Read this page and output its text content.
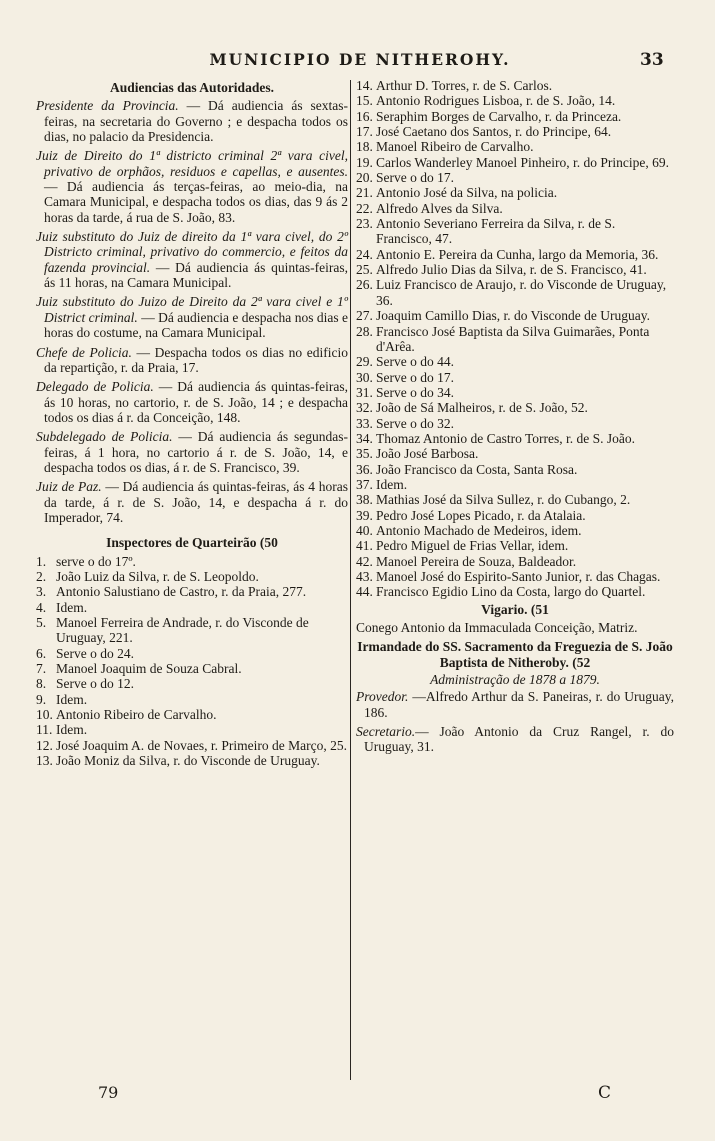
MUNICIPIO DE NITHEROHY.	33
Audiencias das Autoridades.
Presidente da Provincia. — Dá audiencia ás sextas-feiras, na secretaria do Governo ; e despacha todos os dias, no palacio da Presidencia.
Juiz de Direito do 1ª districto criminal 2ª vara civel, privativo de orphãos, residuos e capellas, e ausentes. — Dá audiencia ás terças-feiras, ao meio-dia, na Camara Municipal, e despacha todos os dias, das 9 ás 2 horas da tarde, á rua de S. João, 83.
Juiz substituto do Juiz de direito da 1ª vara civel, do 2º Districto criminal, privativo do commercio, e feitos da fazenda provincial. — Dá audiencia ás quintas-feiras, ás 11 horas, na Camara Municipal.
Juiz substituto do Juizo de Direito da 2ª vara civel e 1º District criminal. — Dá audiencia e despacha nos dias e horas do costume, na Camara Municipal.
Chefe de Policia. — Despacha todos os dias no edificio da repartição, r. da Praia, 17.
Delegado de Policia. — Dá audiencia ás quintas-feiras, ás 10 horas, no cartorio, r. de S. João, 14 ; e despacha todos os dias á r. da Conceição, 148.
Subdelegado de Policia. — Dá audiencia ás segundas-feiras, á 1 hora, no cartorio á r. de S. João, 14, e despacha todos os dias, á r. de S. Francisco, 39.
Juiz de Paz. — Dá audiencia ás quintas-feiras, ás 4 horas da tarde, á r. de S. João, 14, e despacha á r. do Imperador, 74.
Inspectores de Quarteirão (50
1. serve o do 17º.
2. João Luiz da Silva, r. de S. Leopoldo.
3. Antonio Salustiano de Castro, r. da Praia, 277.
4. Idem.
5. Manoel Ferreira de Andrade, r. do Visconde de Uruguay, 221.
6. Serve o do 24.
7. Manoel Joaquim de Souza Cabral.
8. Serve o do 12.
9. Idem.
10. Antonio Ribeiro de Carvalho.
11. Idem.
12. José Joaquim A. de Novaes, r. Primeiro de Março, 25.
13. João Moniz da Silva, r. do Visconde de Uruguay.
14. Arthur D. Torres, r. de S. Carlos.
15. Antonio Rodrigues Lisboa, r. de S. João, 14.
16. Seraphim Borges de Carvalho, r. da Princeza.
17. José Caetano dos Santos, r. do Principe, 64.
18. Manoel Ribeiro de Carvalho.
19. Carlos Wanderley Manoel Pinheiro, r. do Principe, 69.
20. Serve o do 17.
21. Antonio José da Silva, na policia.
22. Alfredo Alves da Silva.
23. Antonio Severiano Ferreira da Silva, r. de S. Francisco, 47.
24. Antonio E. Pereira da Cunha, largo da Memoria, 36.
25. Alfredo Julio Dias da Silva, r. de S. Francisco, 41.
26. Luiz Francisco de Araujo, r. do Visconde de Uruguay, 36.
27. Joaquim Camillo Dias, r. do Visconde de Uruguay.
28. Francisco José Baptista da Silva Guimarães, Ponta d'Arêa.
29. Serve o do 44.
30. Serve o do 17.
31. Serve o do 34.
32. João de Sá Malheiros, r. de S. João, 52.
33. Serve o do 32.
34. Thomaz Antonio de Castro Torres, r. de S. João.
35. João José Barbosa.
36. João Francisco da Costa, Santa Rosa.
37. Idem.
38. Mathias José da Silva Sullez, r. do Cubango, 2.
39. Pedro José Lopes Picado, r. da Atalaia.
40. Antonio Machado de Medeiros, idem.
41. Pedro Miguel de Frias Vellar, idem.
42. Manoel Pereira de Souza, Baldeador.
43. Manoel José do Espirito-Santo Junior, r. das Chagas.
44. Francisco Egidio Lino da Costa, largo do Quartel.
Vigario. (51
Conego Antonio da Immaculada Conceição, Matriz.
Irmandade do SS. Sacramento da Freguezia de S. João Baptista de Nitheroby. (52
Administração de 1878 a 1879.
Provedor. —Alfredo Arthur da S. Paneiras, r. do Uruguay, 186.
Secretario.— João Antonio da Cruz Rangel, r. do Uruguay, 31.
79	C
